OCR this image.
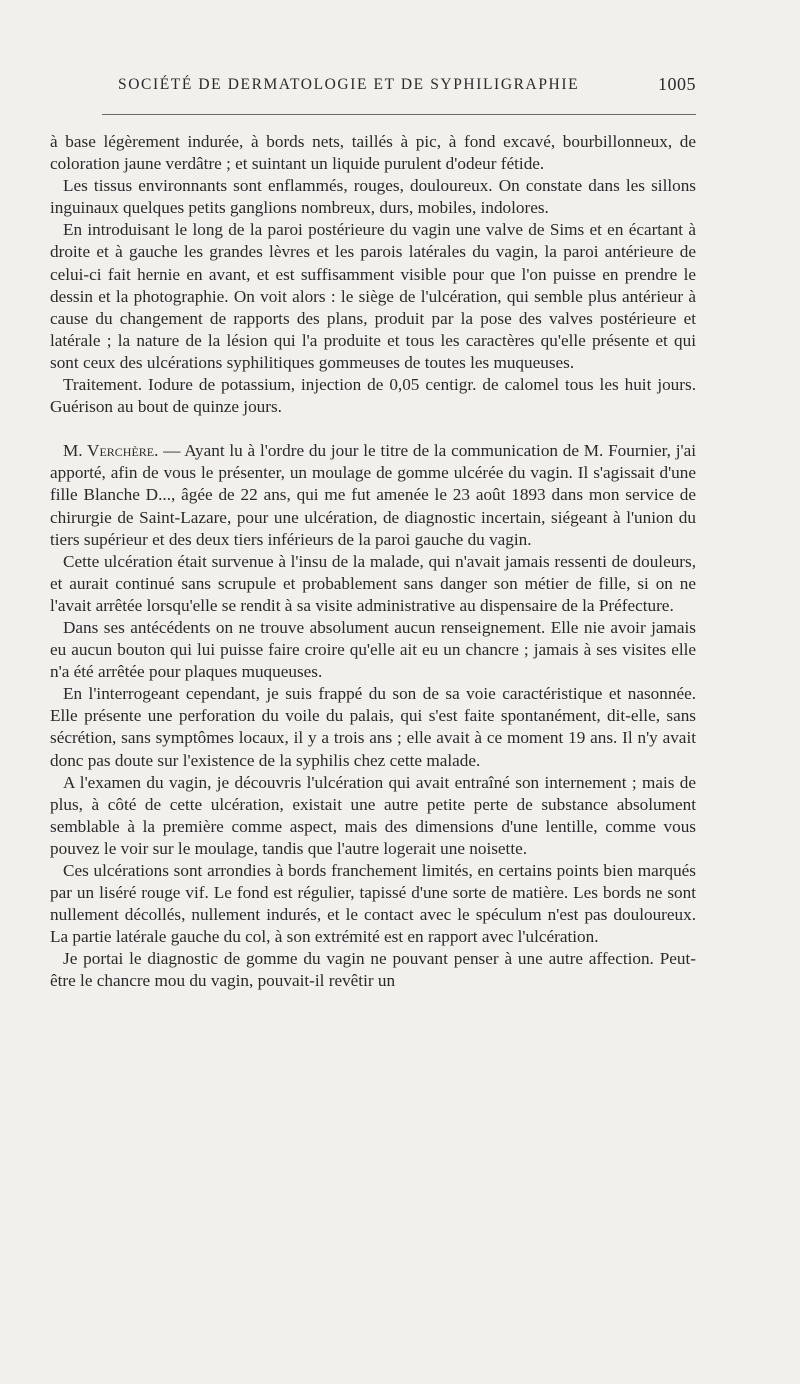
SOCIÉTÉ DE DERMATOLOGIE ET DE SYPHILIGRAPHIE	1005

à base légèrement indurée, à bords nets, taillés à pic, à fond excavé, bourbillonneux, de coloration jaune verdâtre ; et suintant un liquide purulent d'odeur fétide.

Les tissus environnants sont enflammés, rouges, douloureux. On constate dans les sillons inguinaux quelques petits ganglions nombreux, durs, mobiles, indolores.

En introduisant le long de la paroi postérieure du vagin une valve de Sims et en écartant à droite et à gauche les grandes lèvres et les parois latérales du vagin, la paroi antérieure de celui-ci fait hernie en avant, et est suffisamment visible pour que l'on puisse en prendre le dessin et la photographie. On voit alors : le siège de l'ulcération, qui semble plus antérieur à cause du changement de rapports des plans, produit par la pose des valves postérieure et latérale ; la nature de la lésion qui l'a produite et tous les caractères qu'elle présente et qui sont ceux des ulcérations syphilitiques gommeuses de toutes les muqueuses.

Traitement. Iodure de potassium, injection de 0,05 centigr. de calomel tous les huit jours. Guérison au bout de quinze jours.

M. Verchère. — Ayant lu à l'ordre du jour le titre de la communication de M. Fournier, j'ai apporté, afin de vous le présenter, un moulage de gomme ulcérée du vagin. Il s'agissait d'une fille Blanche D..., âgée de 22 ans, qui me fut amenée le 23 août 1893 dans mon service de chirurgie de Saint-Lazare, pour une ulcération, de diagnostic incertain, siégeant à l'union du tiers supérieur et des deux tiers inférieurs de la paroi gauche du vagin.

Cette ulcération était survenue à l'insu de la malade, qui n'avait jamais ressenti de douleurs, et aurait continué sans scrupule et probablement sans danger son métier de fille, si on ne l'avait arrêtée lorsqu'elle se rendit à sa visite administrative au dispensaire de la Préfecture.

Dans ses antécédents on ne trouve absolument aucun renseignement. Elle nie avoir jamais eu aucun bouton qui lui puisse faire croire qu'elle ait eu un chancre ; jamais à ses visites elle n'a été arrêtée pour plaques muqueuses.

En l'interrogeant cependant, je suis frappé du son de sa voie caractéristique et nasonnée. Elle présente une perforation du voile du palais, qui s'est faite spontanément, dit-elle, sans sécrétion, sans symptômes locaux, il y a trois ans ; elle avait à ce moment 19 ans. Il n'y avait donc pas doute sur l'existence de la syphilis chez cette malade.

A l'examen du vagin, je découvris l'ulcération qui avait entraîné son internement ; mais de plus, à côté de cette ulcération, existait une autre petite perte de substance absolument semblable à la première comme aspect, mais des dimensions d'une lentille, comme vous pouvez le voir sur le moulage, tandis que l'autre logerait une noisette.

Ces ulcérations sont arrondies à bords franchement limités, en certains points bien marqués par un liséré rouge vif. Le fond est régulier, tapissé d'une sorte de matière. Les bords ne sont nullement décollés, nullement indurés, et le contact avec le spéculum n'est pas douloureux. La partie latérale gauche du col, à son extrémité est en rapport avec l'ulcération.

Je portai le diagnostic de gomme du vagin ne pouvant penser à une autre affection. Peut-être le chancre mou du vagin, pouvait-il revêtir un
